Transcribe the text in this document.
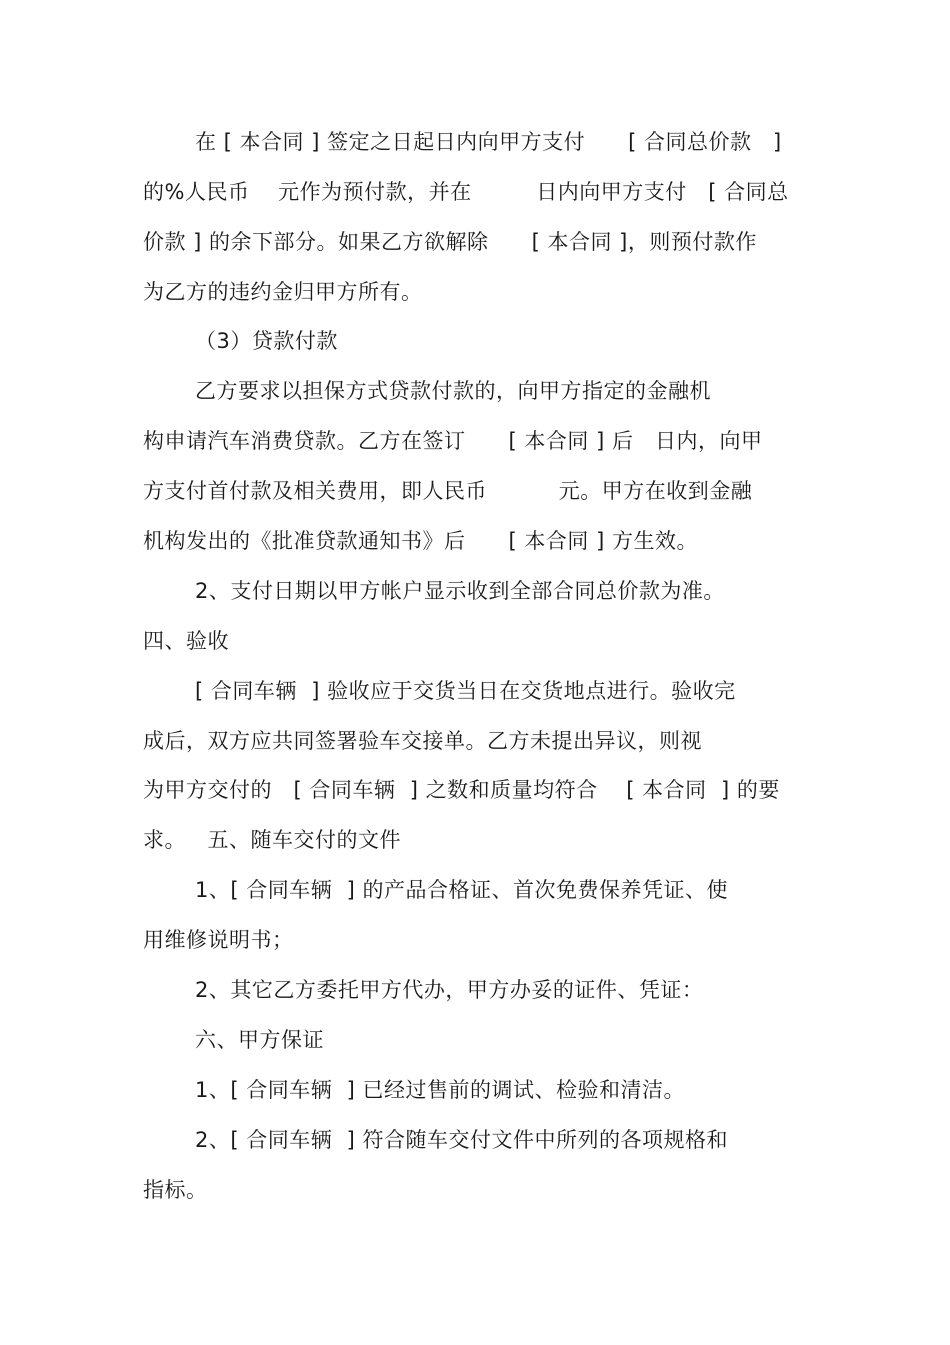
在 [ 本合同 ] 签定之日起日内向甲方支付      [ 合同总价款   ]
的%人民币    元作为预付款，并在         日内向甲方支付   [ 合同总
价款 ] 的余下部分。如果乙方欲解除      [ 本合同 ]，则预付款作
为乙方的违约金归甲方所有。
（3）贷款付款
乙方要求以担保方式贷款付款的，向甲方指定的金融机
构申请汽车消费贷款。乙方在签订      [ 本合同 ] 后   日内，向甲
方支付首付款及相关费用，即人民币          元。甲方在收到金融
机构发出的《批准贷款通知书》后      [ 本合同 ] 方生效。
2、支付日期以甲方帐户显示收到全部合同总价款为准。
四、验收
[ 合同车辆  ] 验收应于交货当日在交货地点进行。验收完
成后，双方应共同签署验车交接单。乙方未提出异议，则视
为甲方交付的   [ 合同车辆  ] 之数和质量均符合    [ 本合同  ] 的要
求。   五、随车交付的文件
1、[ 合同车辆  ] 的产品合格证、首次免费保养凭证、使
用维修说明书；
2、其它乙方委托甲方代办，甲方办妥的证件、凭证：
六、甲方保证
1、[ 合同车辆  ] 已经过售前的调试、检验和清洁。
2、[ 合同车辆  ] 符合随车交付文件中所列的各项规格和
指标。
